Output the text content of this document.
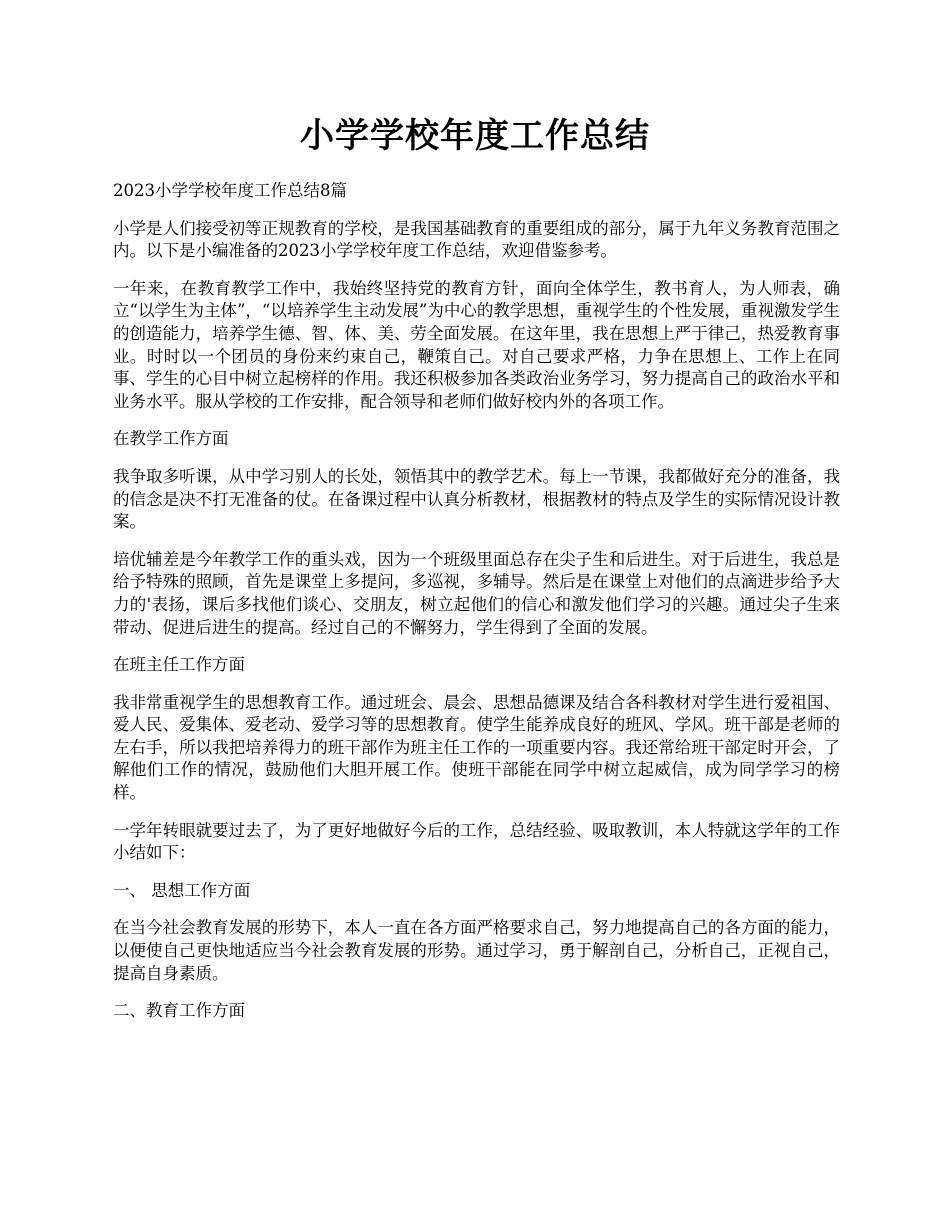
小学学校年度工作总结

2023小学学校年度工作总结8篇

小学是人们接受初等正规教育的学校，是我国基础教育的重要组成的部分，属于九年义务教育范围之内。以下是小编准备的2023小学学校年度工作总结，欢迎借鉴参考。

一年来，在教育教学工作中，我始终坚持党的教育方针，面向全体学生，教书育人，为人师表，确立“以学生为主体”，“以培养学生主动发展”为中心的教学思想，重视学生的个性发展，重视激发学生的创造能力，培养学生德、智、体、美、劳全面发展。在这年里，我在思想上严于律己，热爱教育事业。时时以一个团员的身份来约束自己，鞭策自己。对自己要求严格，力争在思想上、工作上在同事、学生的心目中树立起榜样的作用。我还积极参加各类政治业务学习，努力提高自己的政治水平和业务水平。服从学校的工作安排，配合领导和老师们做好校内外的各项工作。

在教学工作方面

我争取多听课，从中学习别人的长处，领悟其中的教学艺术。每上一节课，我都做好充分的准备，我的信念是决不打无准备的仗。在备课过程中认真分析教材，根据教材的特点及学生的实际情况设计教案。

培优辅差是今年教学工作的重头戏，因为一个班级里面总存在尖子生和后进生。对于后进生，我总是给予特殊的照顾，首先是课堂上多提问，多巡视，多辅导。然后是在课堂上对他们的点滴进步给予大力的'表扬，课后多找他们谈心、交朋友，树立起他们的信心和激发他们学习的兴趣。通过尖子生来带动、促进后进生的提高。经过自己的不懈努力，学生得到了全面的发展。

在班主任工作方面

我非常重视学生的思想教育工作。通过班会、晨会、思想品德课及结合各科教材对学生进行爱祖国、爱人民、爱集体、爱老动、爱学习等的思想教育。使学生能养成良好的班风、学风。班干部是老师的左右手，所以我把培养得力的班干部作为班主任工作的一项重要内容。我还常给班干部定时开会，了解他们工作的情况，鼓励他们大胆开展工作。使班干部能在同学中树立起威信，成为同学学习的榜样。

一学年转眼就要过去了，为了更好地做好今后的工作，总结经验、吸取教训，本人特就这学年的工作小结如下：

一、 思想工作方面

在当今社会教育发展的形势下，本人一直在各方面严格要求自己，努力地提高自己的各方面的能力，以便使自己更快地适应当今社会教育发展的形势。通过学习，勇于解剖自己，分析自己，正视自己，提高自身素质。

二、教育工作方面
